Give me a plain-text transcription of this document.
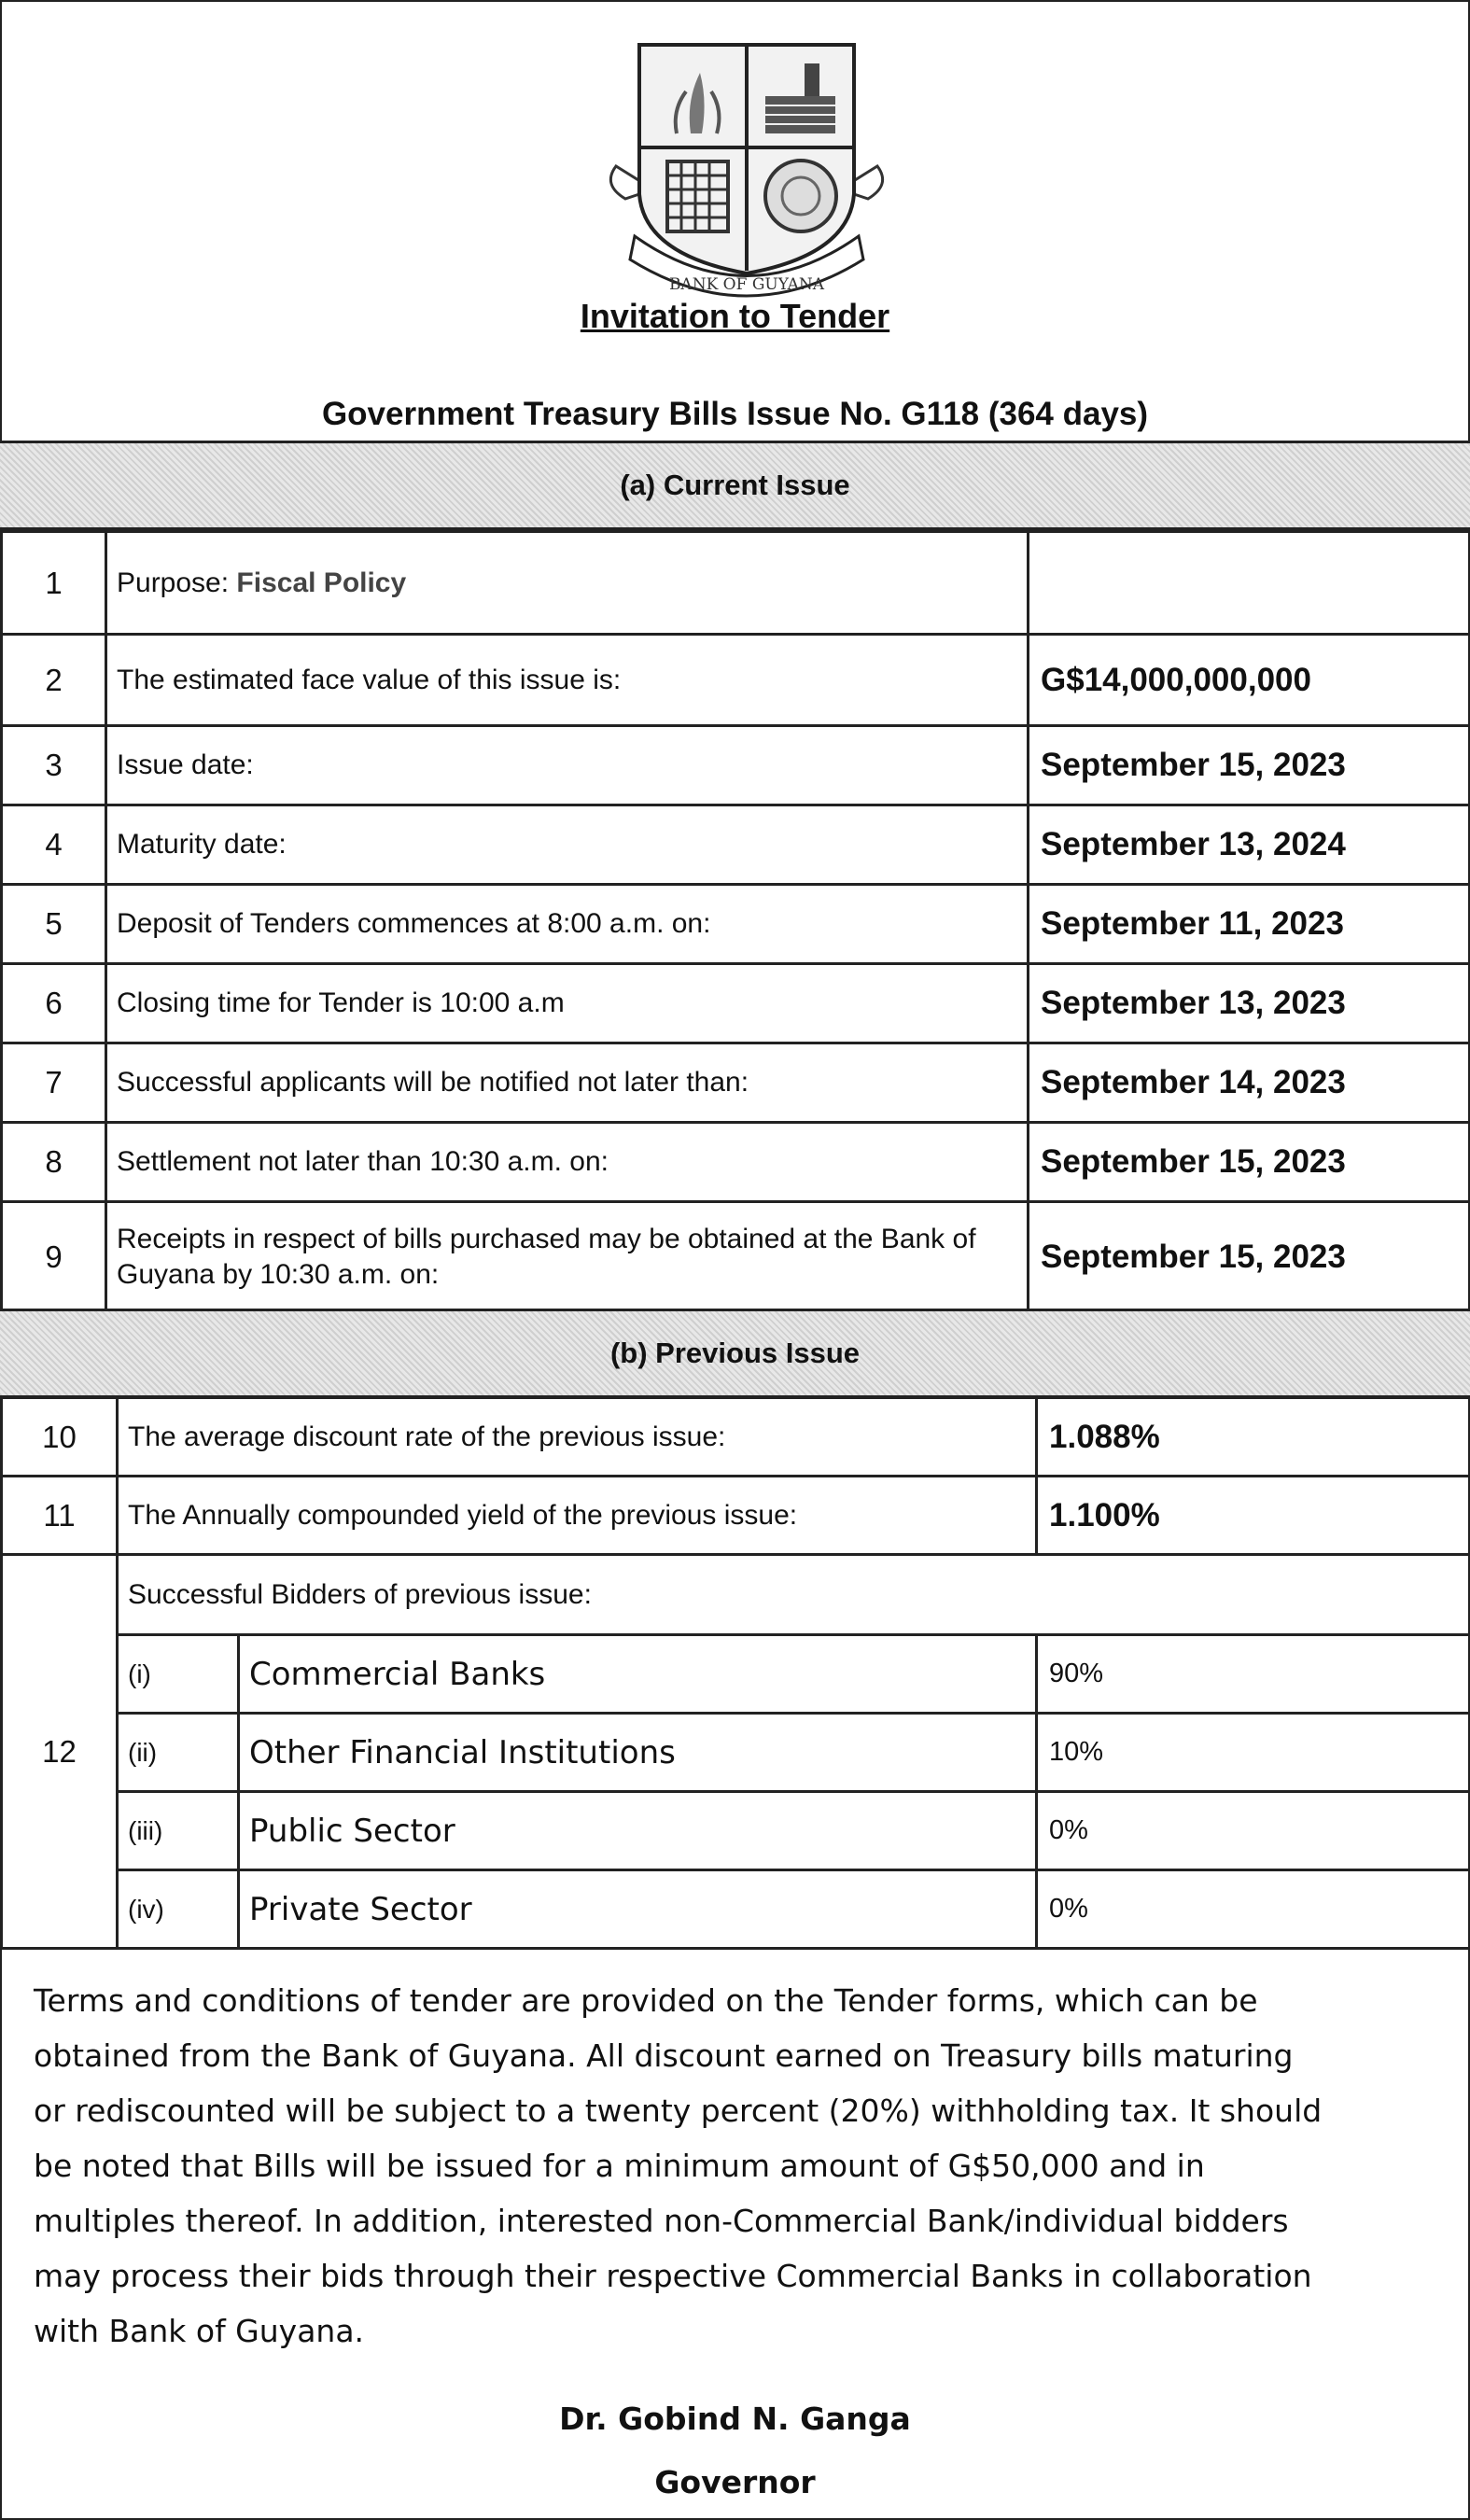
BANK OF GUYANA
Invitation to Tender
Government Treasury Bills Issue No. G118 (364 days)
(a) Current Issue
1	Purpose: Fiscal Policy	
2	The estimated face value of this issue is:	G$14,000,000,000
3	Issue date:	September 15, 2023
4	Maturity date:	September 13, 2024
5	Deposit of Tenders commences at 8:00 a.m. on:	September 11, 2023
6	Closing time for Tender is 10:00 a.m	September 13, 2023
7	Successful applicants will be notified not later than:	September 14, 2023
8	Settlement not later than 10:30 a.m. on:	September 15, 2023
9	Receipts in respect of bills purchased may be obtained at the Bank of Guyana by 10:30 a.m. on:	September 15, 2023
(b) Previous Issue
10	The average discount rate of the previous issue:		1.088%
11	The Annually compounded yield of the previous issue:		1.100%
12	Successful Bidders of previous issue:		
	(i)	Commercial Banks	90%
	(ii)	Other Financial Institutions	10%
	(iii)	Public Sector	0%
	(iv)	Private Sector	0%
Terms and conditions of tender are provided on the Tender forms, which can be
obtained from the Bank of Guyana. All discount earned on Treasury bills maturing
or rediscounted will be subject to a twenty percent (20%) withholding tax. It should
be noted that Bills will be issued for a minimum amount of G$50,000 and in
multiples thereof. In addition, interested non-Commercial Bank/individual bidders
may process their bids through their respective Commercial Banks in collaboration
with Bank of Guyana.
Dr. Gobind N. Ganga
Governor
